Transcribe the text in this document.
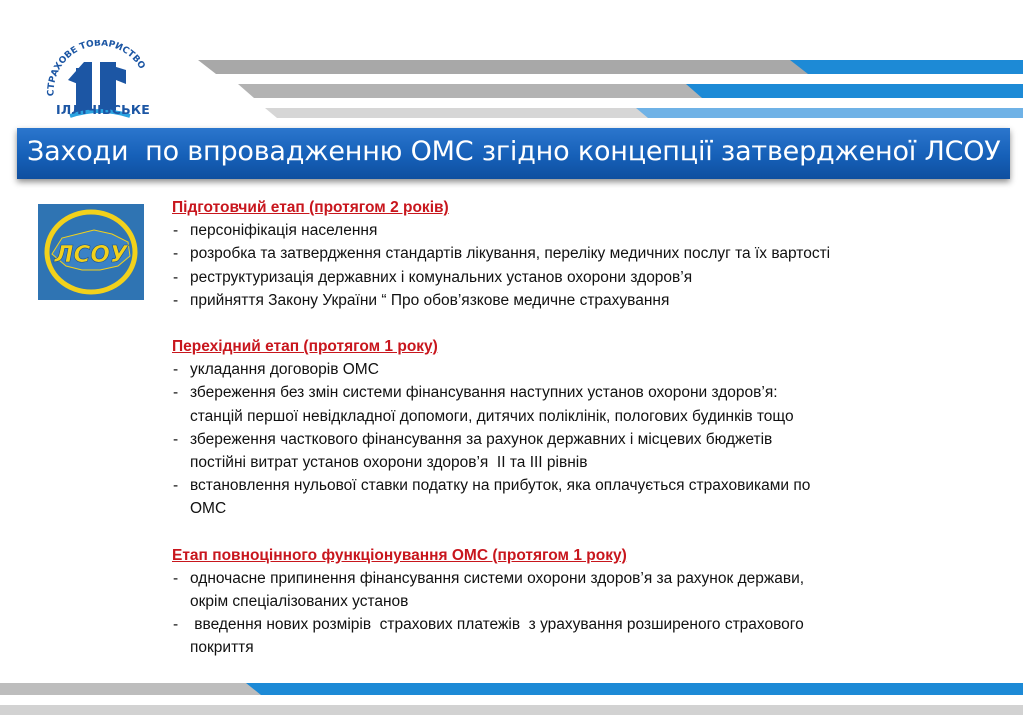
СТРАХОВЕ ТОВАРИСТВО
ІЛЛІЧІВСЬКЕ
Заходи  по впровадженню ОМС згідно концепції затвердженої ЛСОУ
ЛСОУ

Підготовчий етап (протягом 2 років)

- персоніфікація населення
- розробка та затвердження стандартів лікування, переліку медичних послуг та їх вартості
- реструктуризація державних і комунальних установ охорони здоров’я
- прийняття Закону України “ Про обов’язкове медичне страхування

Перехідний етап (протягом 1 року)

- укладання договорів ОМС
- збереження без змін системи фінансування наступних установ охорони здоров’я:
станцій першої невідкладної допомоги, дитячих поліклінік, пологових будинків тощо
- збереження часткового фінансування за рахунок державних і місцевих бюджетів
постійні витрат установ охорони здоров’я  ІІ та ІІІ рівнів
- встановлення нульової ставки податку на прибуток, яка оплачується страховиками по
ОМС

Етап повноцінного функціонування ОМС (протягом 1 року)

- одночасне припинення фінансування системи охорони здоров’я за рахунок держави,
окрім спеціалізованих установ
-  введення нових розмірів  страхових платежів  з урахування розширеного страхового
покриття
